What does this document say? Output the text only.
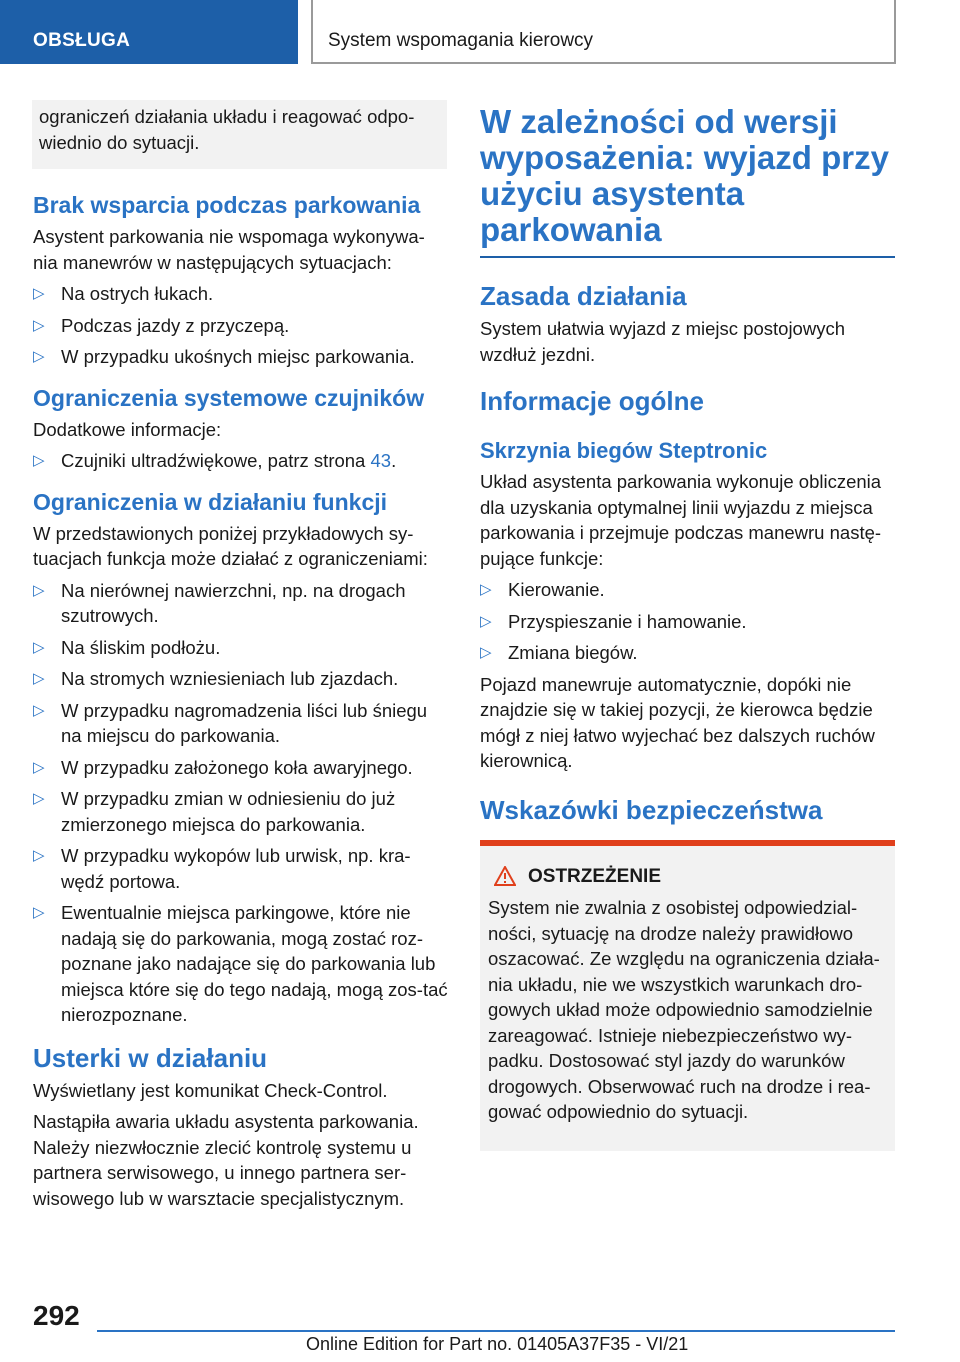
OBSŁUGA	System wspomagania kierowcy

ograniczeń działania układu i reagować odpo-wiednio do sytuacji.

Brak wsparcia podczas parkowania

Asystent parkowania nie wspomaga wykonywa-nia manewrów w następujących sytuacjach:

▷ Na ostrych łukach.
▷ Podczas jazdy z przyczepą.
▷ W przypadku ukośnych miejsc parkowania.
Ograniczenia systemowe czujników

Dodatkowe informacje:

▷ Czujniki ultradźwiękowe, patrz strona 43.
Ograniczenia w działaniu funkcji

W przedstawionych poniżej przykładowych sy-tuacjach funkcja może działać z ograniczeniami:

▷ Na nierównej nawierzchni, np. na drogach szutrowych.
▷ Na śliskim podłożu.
▷ Na stromych wzniesieniach lub zjazdach.
▷ W przypadku nagromadzenia liści lub śniegu na miejscu do parkowania.
▷ W przypadku założonego koła awaryjnego.
▷ W przypadku zmian w odniesieniu do już zmierzonego miejsca do parkowania.
▷ W przypadku wykopów lub urwisk, np. kra-wędź portowa.
▷ Ewentualnie miejsca parkingowe, które nie nadają się do parkowania, mogą zostać roz-poznane jako nadające się do parkowania lub miejsca które się do tego nadają, mogą zos-tać nierozpoznane.
Usterki w działaniu

Wyświetlany jest komunikat Check-Control.

Nastąpiła awaria układu asystenta parkowania. Należy niezwłocznie zlecić kontrolę systemu u partnera serwisowego, u innego partnera ser-wisowego lub w warsztacie specjalistycznym.

W zależności od wersji wyposażenia: wyjazd przy użyciu asystenta parkowania
Zasada działania

System ułatwia wyjazd z miejsc postojowych wzdłuż jezdni.

Informacje ogólne
Skrzynia biegów Steptronic

Układ asystenta parkowania wykonuje obliczenia dla uzyskania optymalnej linii wyjazdu z miejsca parkowania i przejmuje podczas manewru nastę-pujące funkcje:

▷ Kierowanie.
▷ Przyspieszanie i hamowanie.
▷ Zmiana biegów.

Pojazd manewruje automatycznie, dopóki nie znajdzie się w takiej pozycji, że kierowca będzie mógł z niej łatwo wyjechać bez dalszych ruchów kierownicą.

Wskazówki bezpieczeństwa
OSTRZEŻENIE

System nie zwalnia z osobistej odpowiedzial-ności, sytuację na drodze należy prawidłowo oszacować. Ze względu na ograniczenia działa-nia układu, nie we wszystkich warunkach dro-gowych układ może odpowiednio samodzielnie zareagować. Istnieje niebezpieczeństwo wy-padku. Dostosować styl jazdy do warunków drogowych. Obserwować ruch na drodze i rea-gować odpowiednio do sytuacji.

292
Online Edition for Part no. 01405A37F35 - VI/21
